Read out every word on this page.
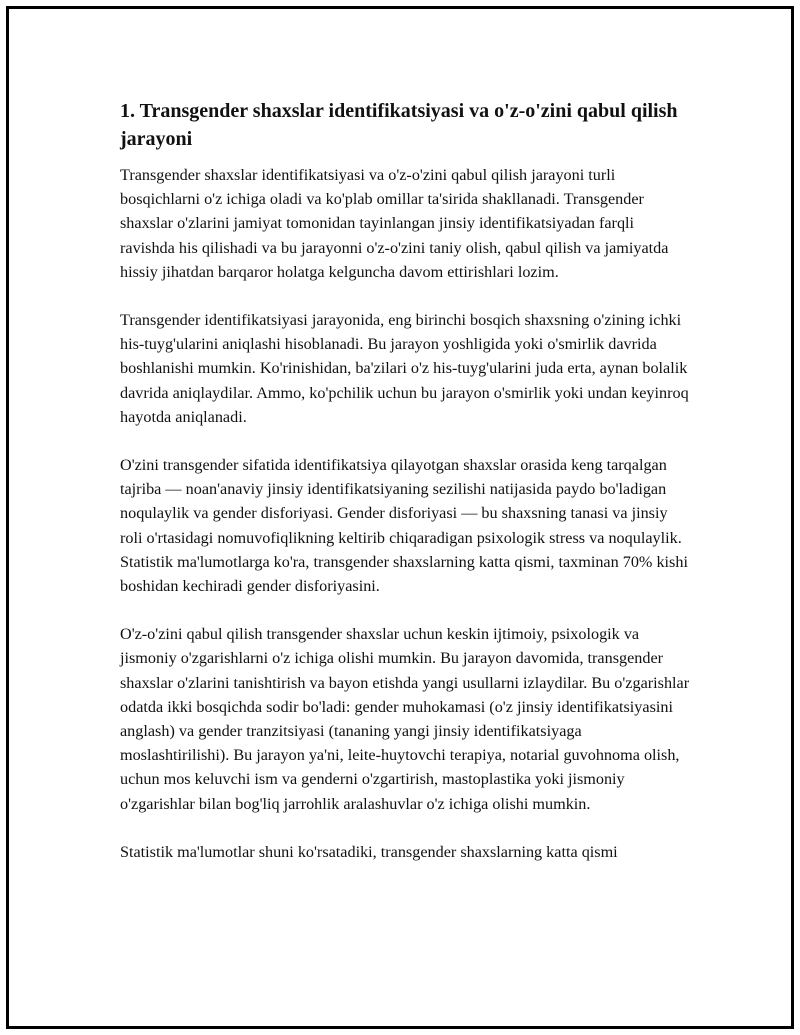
1. Transgender shaxslar identifikatsiyasi va o'z-o'zini qabul qilish jarayoni

Transgender shaxslar identifikatsiyasi va o'z-o'zini qabul qilish jarayoni turli bosqichlarni o'z ichiga oladi va ko'plab omillar ta'sirida shakllanadi. Transgender shaxslar o'zlarini jamiyat tomonidan tayinlangan jinsiy identifikatsiyadan farqli ravishda his qilishadi va bu jarayonni o'z-o'zini taniy olish, qabul qilish va jamiyatda hissiy jihatdan barqaror holatga kelguncha davom ettirishlari lozim.

Transgender identifikatsiyasi jarayonida, eng birinchi bosqich shaxsning o'zining ichki his-tuyg'ularini aniqlashi hisoblanadi. Bu jarayon yoshligida yoki o'smirlik davrida boshlanishi mumkin. Ko'rinishidan, ba'zilari o'z his-tuyg'ularini juda erta, aynan bolalik davrida aniqlaydilar. Ammo, ko'pchilik uchun bu jarayon o'smirlik yoki undan keyinroq hayotda aniqlanadi.

O'zini transgender sifatida identifikatsiya qilayotgan shaxslar orasida keng tarqalgan tajriba — noan'anaviy jinsiy identifikatsiyaning sezilishi natijasida paydo bo'ladigan noqulaylik va gender disforiyasi. Gender disforiyasi — bu shaxsning tanasi va jinsiy roli o'rtasidagi nomuvofiqlikning keltirib chiqaradigan psixologik stress va noqulaylik. Statistik ma'lumotlarga ko'ra, transgender shaxslarning katta qismi, taxminan 70% kishi boshidan kechiradi gender disforiyasini.

O'z-o'zini qabul qilish transgender shaxslar uchun keskin ijtimoiy, psixologik va jismoniy o'zgarishlarni o'z ichiga olishi mumkin. Bu jarayon davomida, transgender shaxslar o'zlarini tanishtirish va bayon etishda yangi usullarni izlaydilar. Bu o'zgarishlar odatda ikki bosqichda sodir bo'ladi: gender muhokamasi (o'z jinsiy identifikatsiyasini anglash) va gender tranzitsiyasi (tananing yangi jinsiy identifikatsiyaga moslashtirilishi). Bu jarayon ya'ni, leite-huytovchi terapiya, notarial guvohnoma olish, uchun mos keluvchi ism va genderni o'zgartirish, mastoplastika yoki jismoniy o'zgarishlar bilan bog'liq jarrohlik aralashuvlar o'z ichiga olishi mumkin.

Statistik ma'lumotlar shuni ko'rsatadiki, transgender shaxslarning katta qismi
